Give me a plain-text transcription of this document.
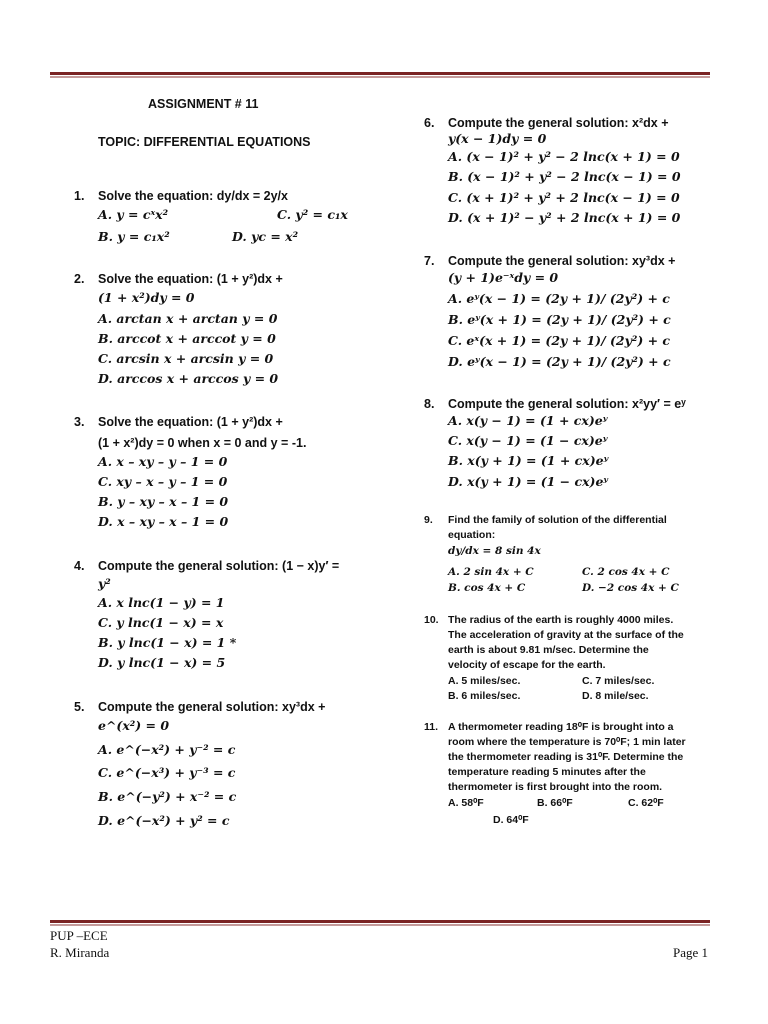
ASSIGNMENT # 11
TOPIC: DIFFERENTIAL EQUATIONS
1. Solve the equation: dy/dx = 2y/x
A. y = cˣx²	C. y² = c₁x
B. y = c₁x²	D. yc = x²
2. Solve the equation: (1 + y²)dx +
(1 + x²)dy = 0
A. arctan x + arctan y = 0
B. arccot x + arccot y = 0
C. arcsin x + arcsin y = 0
D. arccos x + arccos y = 0
3. Solve the equation: (1 + y²)dx +
(1 + x²)dy = 0 when x = 0 and y = -1.
A. x – xy – y – 1 = 0
C. xy – x – y – 1 = 0
B. y – xy – x – 1 = 0
D. x – xy – x – 1 = 0
4. Compute the general solution: (1 − x)y′ =
y²
A. x lnc(1 − y) = 1
C. y lnc(1 − x) = x
B. y lnc(1 − x) = 1 *
D. y lnc(1 − x) = 5
5. Compute the general solution: xy³dx +
e^(x²) = 0
A. e^(−x²) + y⁻² = c
C. e^(−x³) + y⁻³ = c
B. e^(−y²) + x⁻² = c
D. e^(−x²) + y² = c
6. Compute the general solution: x²dx +
y(x − 1)dy = 0
A. (x − 1)² + y² − 2 lnc(x + 1) = 0
B. (x − 1)² + y² − 2 lnc(x − 1) = 0
C. (x + 1)² + y² + 2 lnc(x − 1) = 0
D. (x + 1)² − y² + 2 lnc(x + 1) = 0
7. Compute the general solution: xy³dx +
(y + 1)e⁻ˣdy = 0
A. eʸ(x − 1) = (2y + 1)/ (2y²) + c
B. eʸ(x + 1) = (2y + 1)/ (2y²) + c
C. eˣ(x + 1) = (2y + 1)/ (2y²) + c
D. eʸ(x − 1) = (2y + 1)/ (2y²) + c
8. Compute the general solution: x²yy′ = eʸ
A. x(y − 1) = (1 + cx)eʸ
C. x(y − 1) = (1 − cx)eʸ
B. x(y + 1) = (1 + cx)eʸ
D. x(y + 1) = (1 − cx)eʸ
9. Find the family of solution of the differential
equation:
dy/dx = 8 sin 4x
A. 2 sin 4x + C	C. 2 cos 4x + C
B. cos 4x + C	D. −2 cos 4x + C
10. The radius of the earth is roughly 4000 miles.
The acceleration of gravity at the surface of the
earth is about 9.81 m/sec. Determine the
velocity of escape for the earth.
A. 5 miles/sec.	C. 7 miles/sec.
B. 6 miles/sec.	D. 8 mile/sec.
11. A thermometer reading 18⁰F is brought into a
room where the temperature is 70⁰F; 1 min later
the thermometer reading is 31⁰F. Determine the
temperature reading 5 minutes after the
thermometer is first brought into the room.
A. 58⁰F	B. 66⁰F	C. 62⁰F
D. 64⁰F
PUP –ECE
R. Miranda	Page 1
